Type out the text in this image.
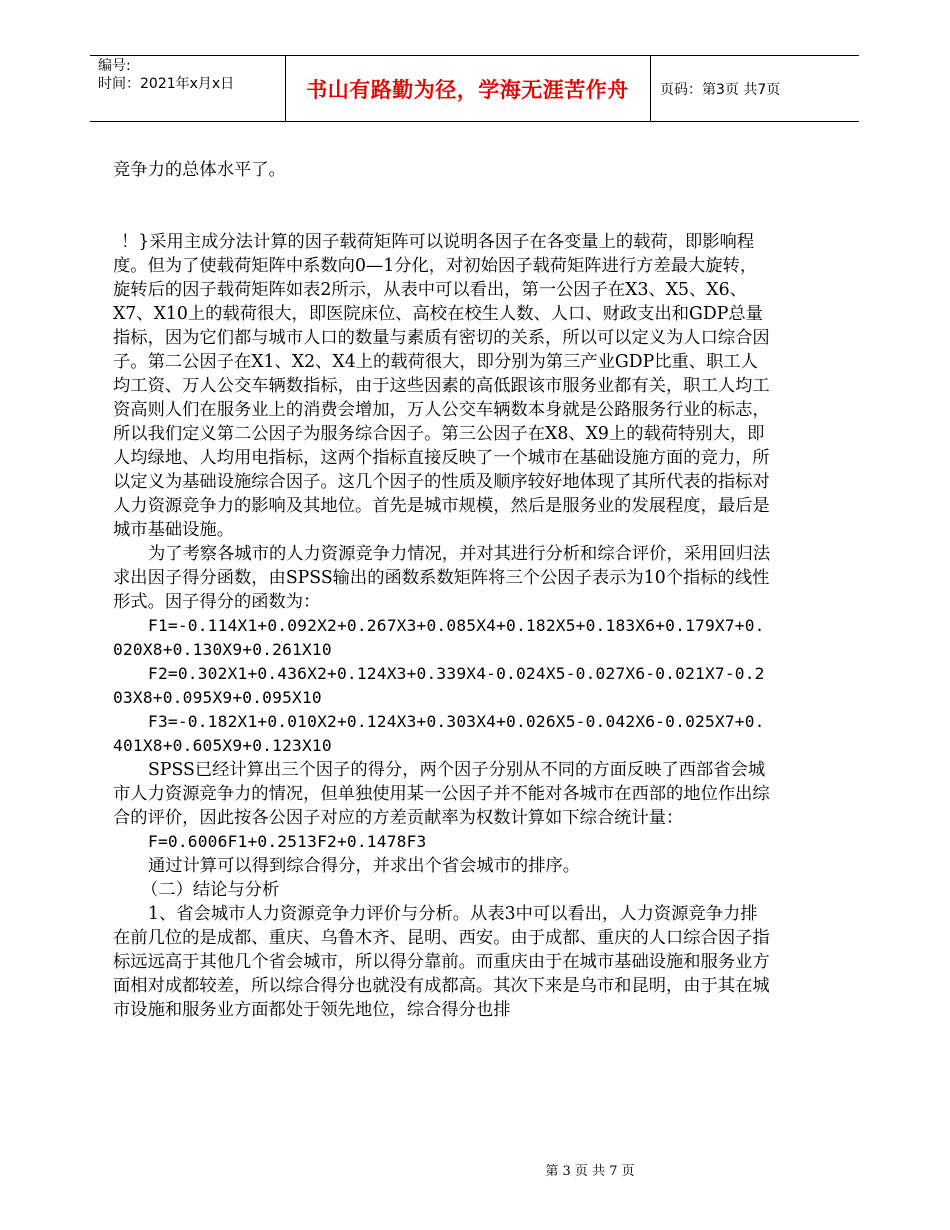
编号:
时间：2021年x月x日	书山有路勤为径，学海无涯苦作舟	页码：第3页 共7页

竞争力的总体水平了。

！}采用主成分法计算的因子载荷矩阵可以说明各因子在各变量上的载荷，即影响程度。但为了使载荷矩阵中系数向0—1分化，对初始因子载荷矩阵进行方差最大旋转，旋转后的因子载荷矩阵如表2所示，从表中可以看出，第一公因子在X3、X5、X6、X7、X10上的载荷很大，即医院床位、高校在校生人数、人口、财政支出和GDP总量指标，因为它们都与城市人口的数量与素质有密切的关系，所以可以定义为人口综合因子。第二公因子在X1、X2、X4上的载荷很大，即分别为第三产业GDP比重、职工人均工资、万人公交车辆数指标，由于这些因素的高低跟该市服务业都有关，职工人均工资高则人们在服务业上的消费会增加，万人公交车辆数本身就是公路服务行业的标志，所以我们定义第二公因子为服务综合因子。第三公因子在X8、X9上的载荷特别大，即人均绿地、人均用电指标，这两个指标直接反映了一个城市在基础设施方面的竞力，所以定义为基础设施综合因子。这几个因子的性质及顺序较好地体现了其所代表的指标对人力资源竞争力的影响及其地位。首先是城市规模，然后是服务业的发展程度，最后是城市基础设施。

为了考察各城市的人力资源竞争力情况，并对其进行分析和综合评价，采用回归法求出因子得分函数，由SPSS输出的函数系数矩阵将三个公因子表示为10个指标的线性形式。因子得分的函数为：

F1=-0.114X1+0.092X2+0.267X3+0.085X4+0.182X5+0.183X6+0.179X7+0.020X8+0.130X9+0.261X10

F2=0.302X1+0.436X2+0.124X3+0.339X4-0.024X5-0.027X6-0.021X7-0.203X8+0.095X9+0.095X10

F3=-0.182X1+0.010X2+0.124X3+0.303X4+0.026X5-0.042X6-0.025X7+0.401X8+0.605X9+0.123X10

SPSS已经计算出三个因子的得分，两个因子分别从不同的方面反映了西部省会城市人力资源竞争力的情况，但单独使用某一公因子并不能对各城市在西部的地位作出综合的评价，因此按各公因子对应的方差贡献率为权数计算如下综合统计量：

F=0.6006F1+0.2513F2+0.1478F3

通过计算可以得到综合得分，并求出个省会城市的排序。

（二）结论与分析

1、省会城市人力资源竞争力评价与分析。从表3中可以看出，人力资源竞争力排在前几位的是成都、重庆、乌鲁木齐、昆明、西安。由于成都、重庆的人口综合因子指标远远高于其他几个省会城市，所以得分靠前。而重庆由于在城市基础设施和服务业方面相对成都较差，所以综合得分也就没有成都高。其次下来是乌市和昆明，由于其在城市设施和服务业方面都处于领先地位，综合得分也排

第 3 页 共 7 页
